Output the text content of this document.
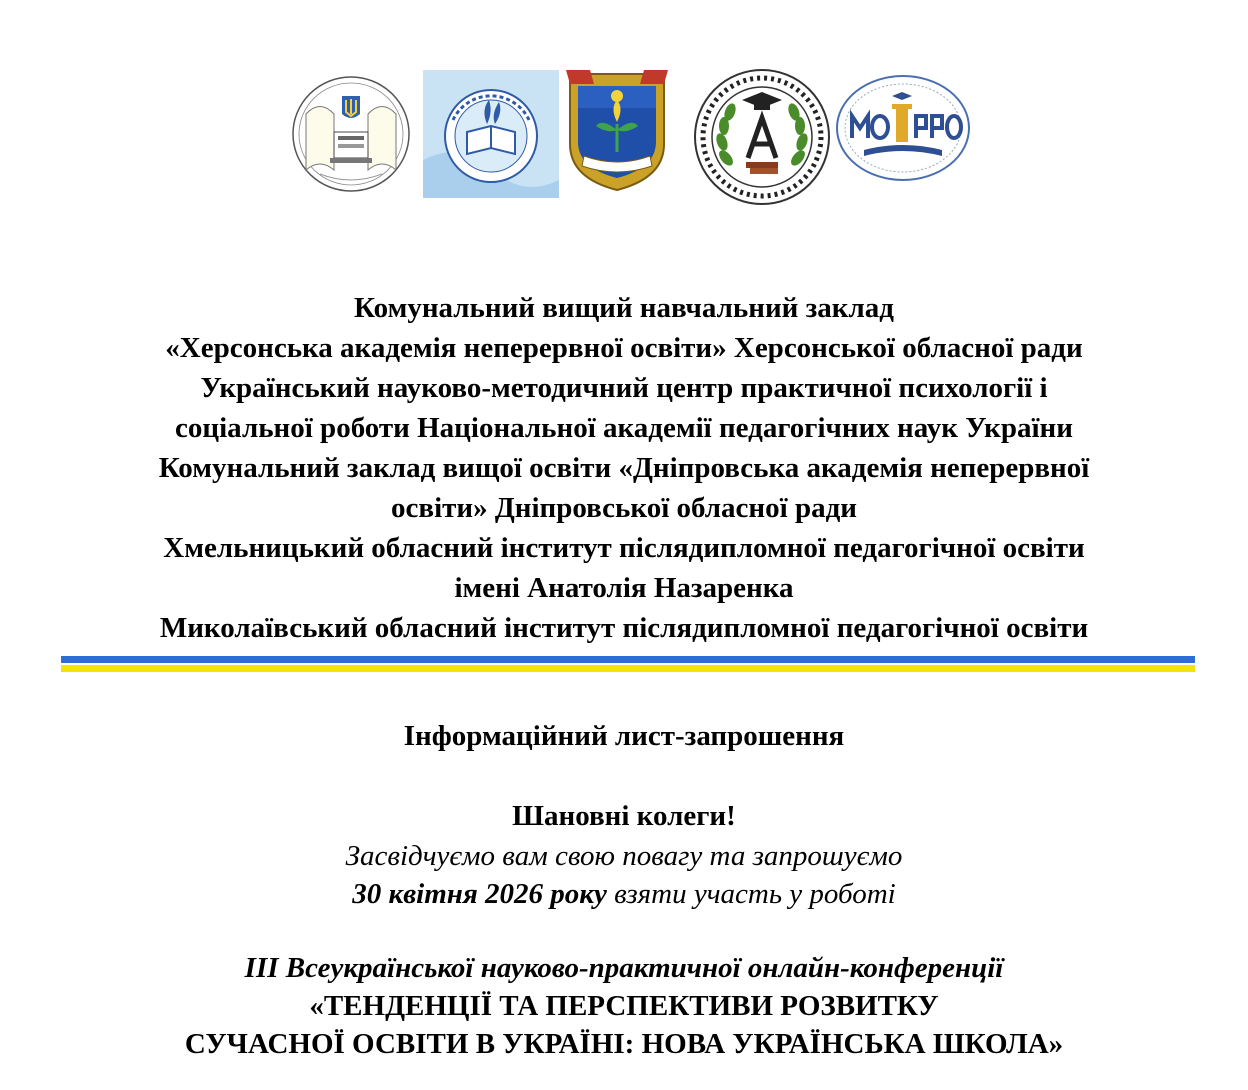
Комунальний вищий навчальний заклад
«Херсонська академія неперервної освіти» Херсонської обласної ради
Український науково-методичний центр практичної психології і
соціальної роботи Національної академії педагогічних наук України
Комунальний заклад вищої освіти «Дніпровська академія неперервної
освіти» Дніпровської обласної ради
Хмельницький обласний інститут післядипломної педагогічної освіти
імені Анатолія Назаренка
Миколаївський обласний інститут післядипломної педагогічної освіти
Інформаційний лист-запрошення
Шановні колеги!
Засвідчуємо вам свою повагу та запрошуємо
30 квітня 2026 року взяти участь у роботі
ІІІ Всеукраїнської науково-практичної онлайн-конференції
«ТЕНДЕНЦІЇ ТА ПЕРСПЕКТИВИ РОЗВИТКУ
СУЧАСНОЇ ОСВІТИ В УКРАЇНІ: НОВА УКРАЇНСЬКА ШКОЛА»
